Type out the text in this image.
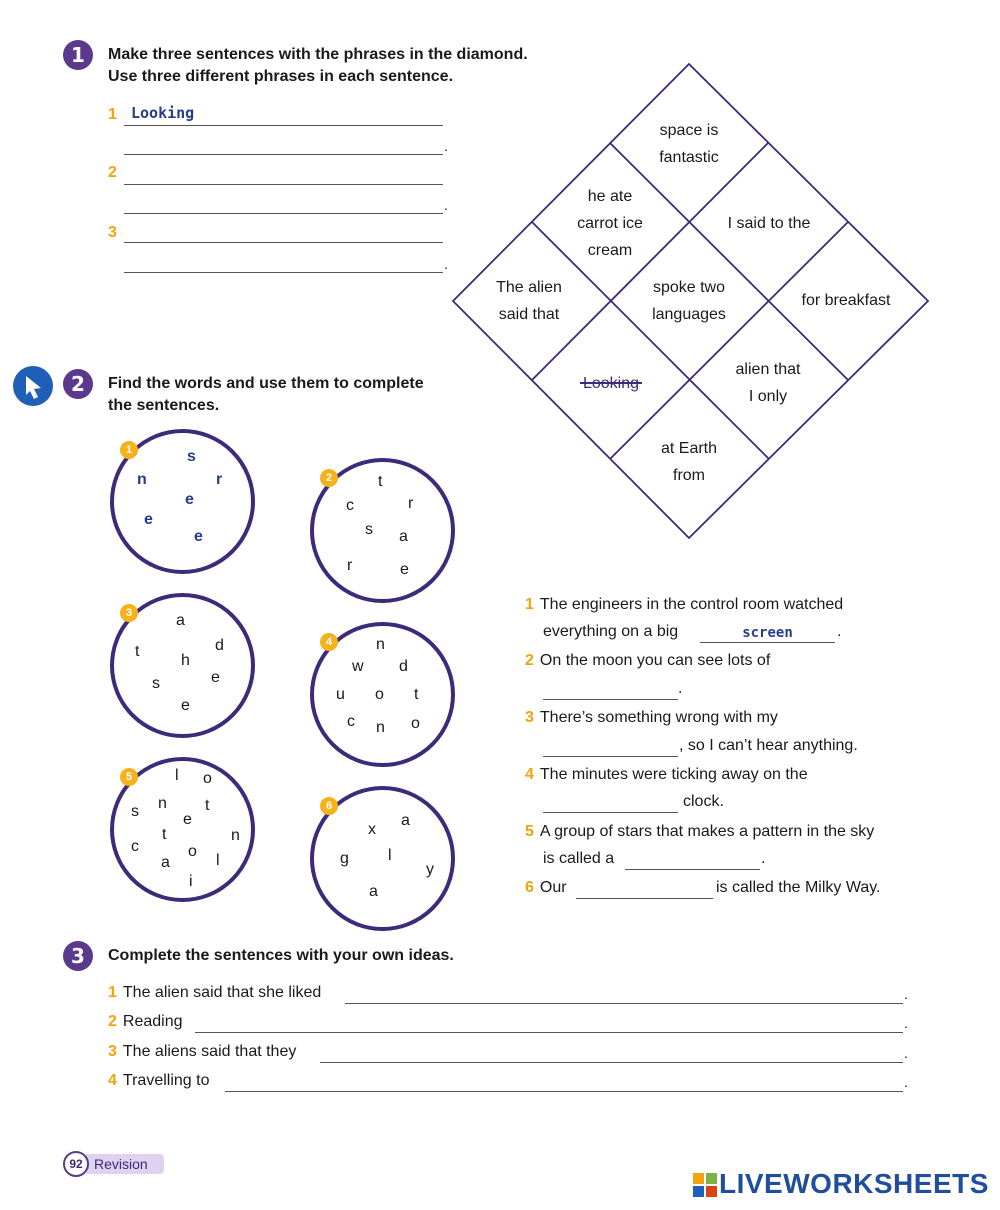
1	Make three sentences with the phrases in the diamond.
Use three different phrases in each sentence.
1 Looking
.
2
.
3
.
space is
fantastic
he ate
carrot ice
cream
I said to the
The alien
said that
spoke two
languages
for breakfast
Looking
alien that
I only
at Earth
from
2	Find the words and use them to complete
the sentences.
1	s
n	r
e
e
e
2	t
c	r
s a
r	e
3	a
d
t
h
e
s
e
4	n
w d
u o t
c n o
5	l o
s n
e
t
t	n
c	o
a	l
i
6
a
x
g l
y
a
1 The engineers in the control room watched
everything on a big	screen	.
2 On the moon you can see lots of
.
3 There’s something wrong with my
, so I can’t hear anything.
4 The minutes were ticking away on the
clock.
5 A group of stars that makes a pattern in the sky
is called a	.
6 Our	is called the Milky Way.
3	Complete the sentences with your own ideas.
1 The alien said that she liked	.
2 Reading	.
3 The aliens said that they	.
4 Travelling to	.
Revision
92
LIVEWORKSHEETS
